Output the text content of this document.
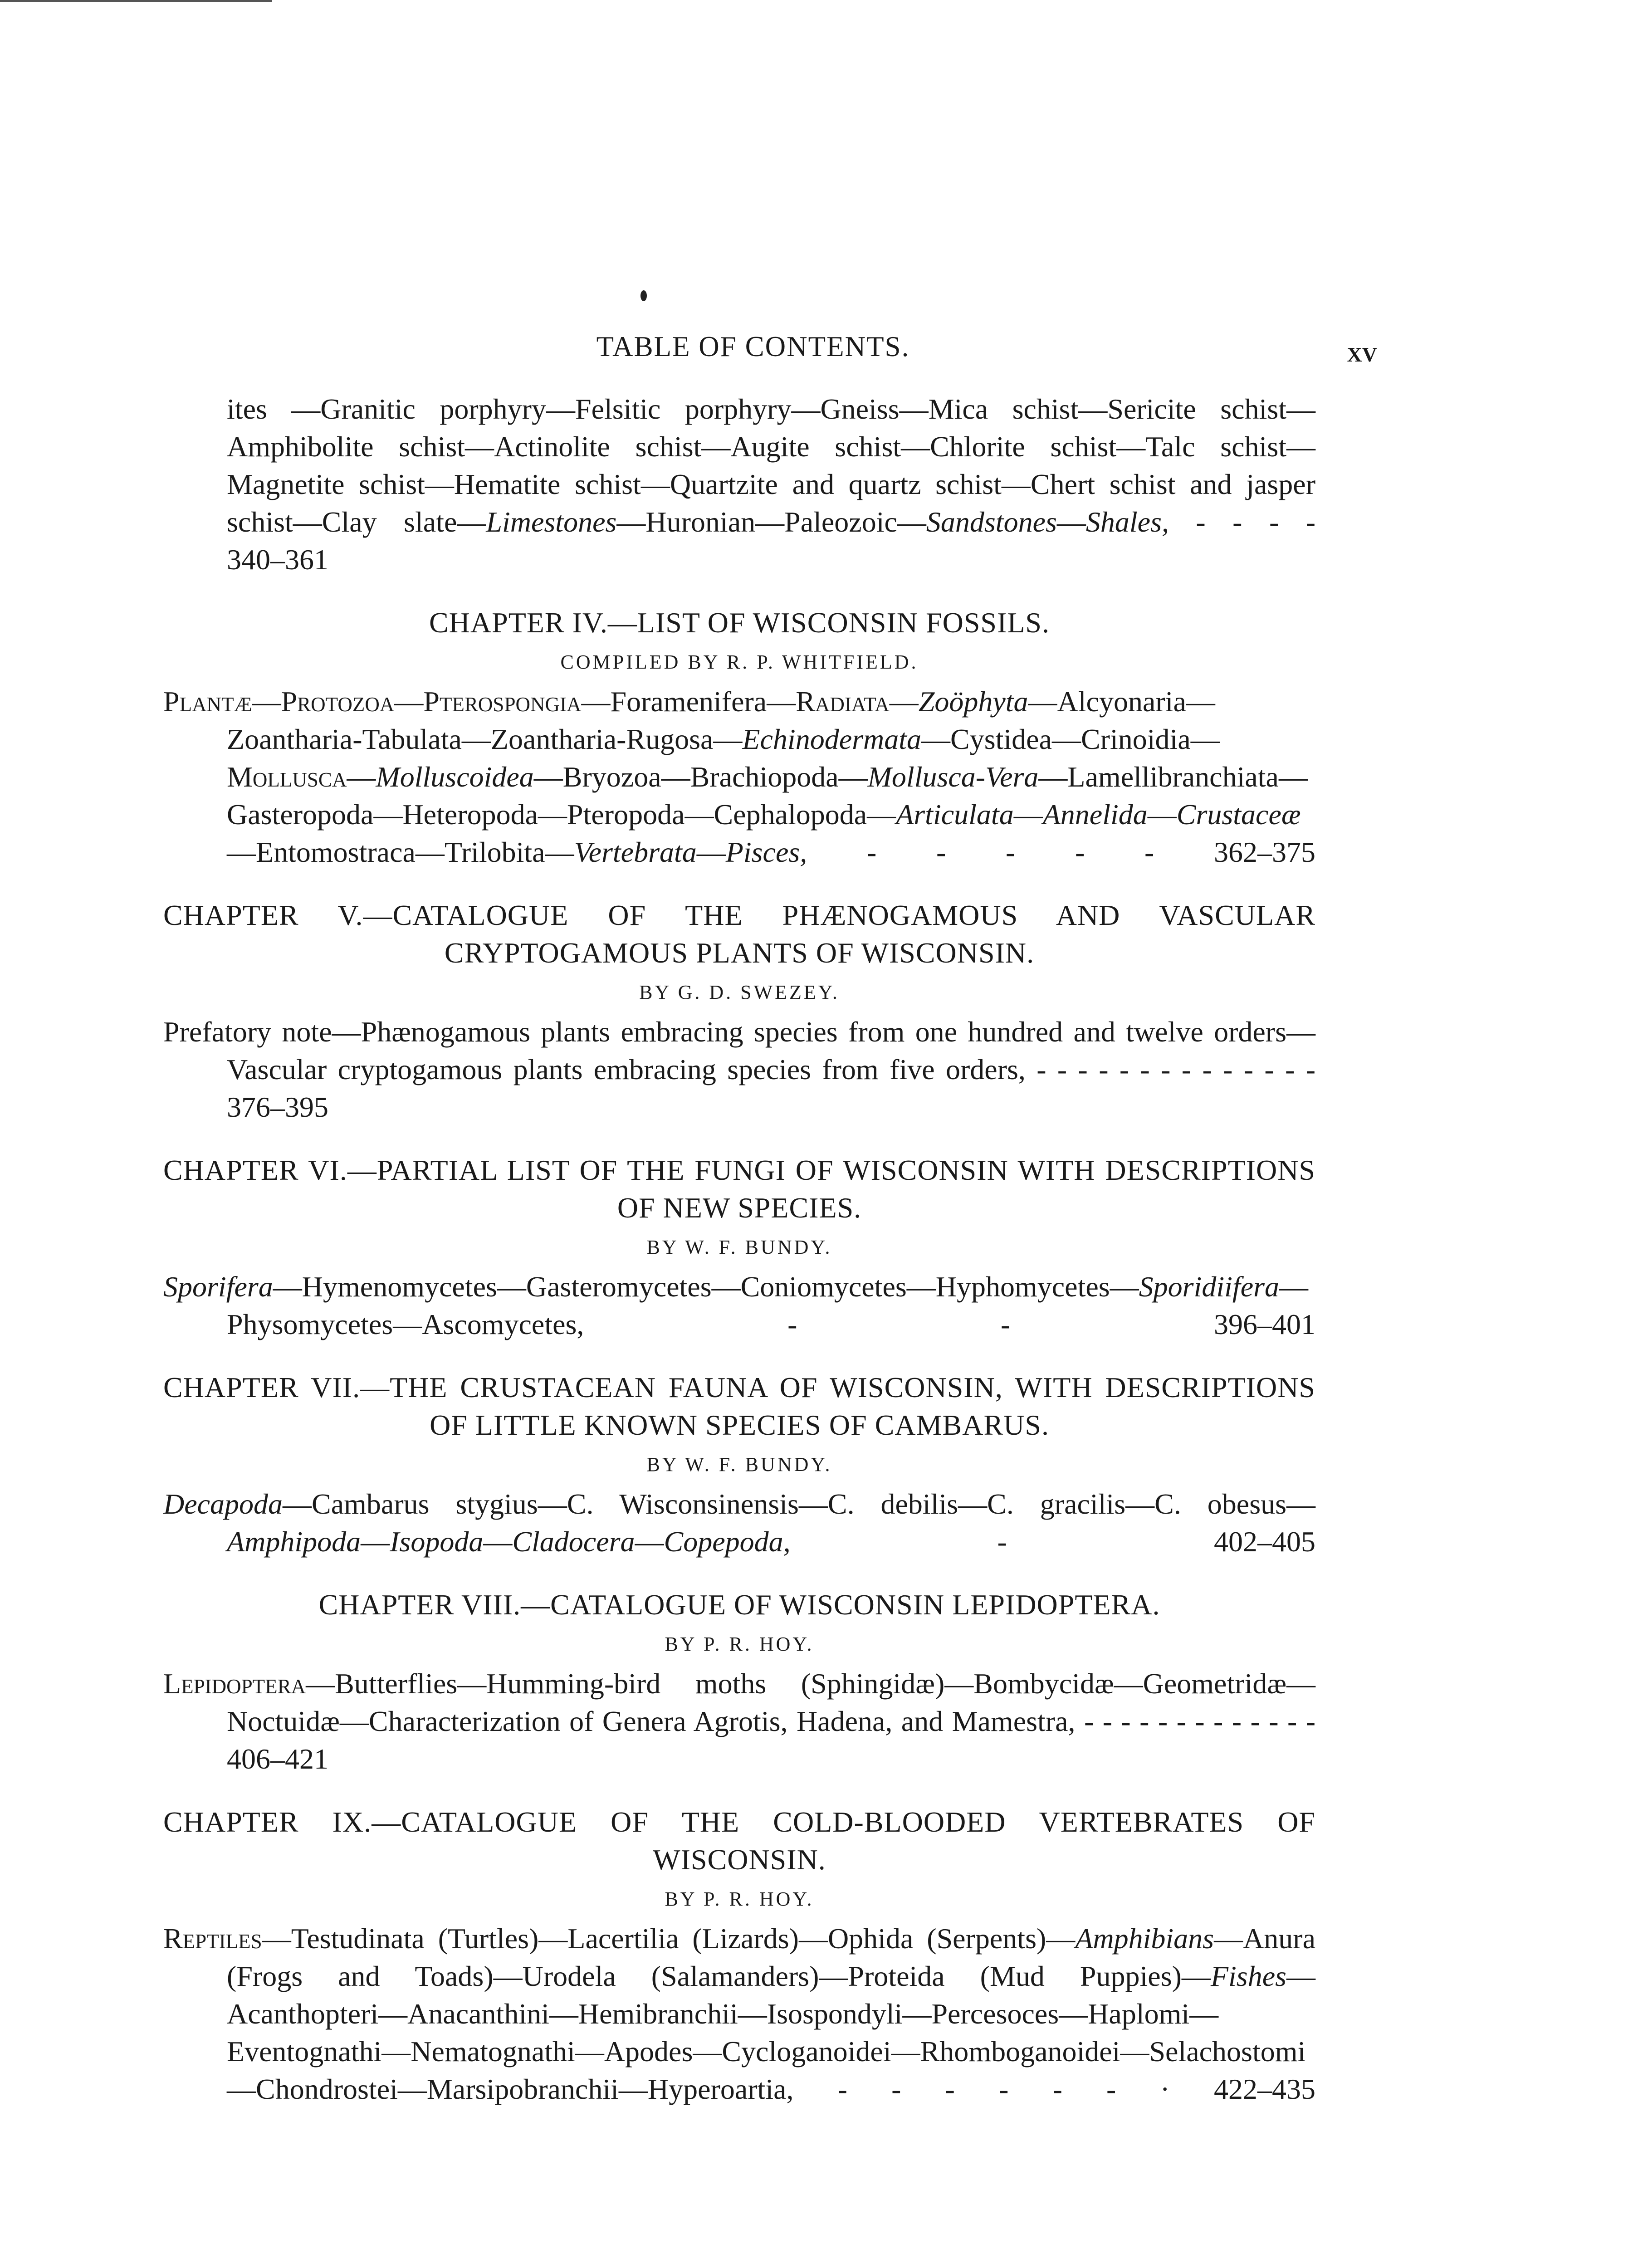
TABLE OF CONTENTS.	xv

ites —Granitic porphyry—Felsitic porphyry—Gneiss—Mica schist—Sericite schist—Amphibolite schist—Actinolite schist—Augite schist—Chlorite schist—Talc schist—Magnetite schist—Hematite schist—Quartzite and quartz schist—Chert schist and jasper schist—Clay slate—Limestones—Huronian—Paleozoic—Sandstones—Shales, - - - - 340–361

CHAPTER IV.—LIST OF WISCONSIN FOSSILS.

COMPILED BY R. P. WHITFIELD.

Plantæ—Protozoa—Pterospongia—Foramenifera—Radiata—Zoöphyta—Alcyonaria—Zoantharia-Tabulata—Zoantharia-Rugosa—Echinodermata—Cystidea—Crinoidia—Mollusca—Molluscoidea—Bryozoa—Brachiopoda—Mollusca-Vera—Lamellibranchiata—Gasteropoda—Heteropoda—Pteropoda—Cephalopoda—Articulata—Annelida—Crustaceæ—Entomostraca—Trilobita—Vertebrata—Pisces, - - - - - 362–375

CHAPTER V.—CATALOGUE OF THE PHÆNOGAMOUS AND VASCULAR CRYPTOGAMOUS PLANTS OF WISCONSIN.

BY G. D. SWEZEY.

Prefatory note—Phænogamous plants embracing species from one hundred and twelve orders—Vascular cryptogamous plants embracing species from five orders, - - - - - - - - - - - - - - 376–395

CHAPTER VI.—PARTIAL LIST OF THE FUNGI OF WISCONSIN WITH DESCRIPTIONS OF NEW SPECIES.

BY W. F. BUNDY.

Sporifera—Hymenomycetes—Gasteromycetes—Coniomycetes—Hyphomycetes—Sporidiifera—Physomycetes—Ascomycetes, - - 396–401

CHAPTER VII.—THE CRUSTACEAN FAUNA OF WISCONSIN, WITH DESCRIPTIONS OF LITTLE KNOWN SPECIES OF CAMBARUS.

BY W. F. BUNDY.

Decapoda—Cambarus stygius—C. Wisconsinensis—C. debilis—C. gracilis—C. obesus—Amphipoda—Isopoda—Cladocera—Copepoda, - 402–405

CHAPTER VIII.—CATALOGUE OF WISCONSIN LEPIDOPTERA.

BY P. R. HOY.

Lepidoptera—Butterflies—Humming-bird moths (Sphingidæ)—Bombycidæ—Geometridæ—Noctuidæ—Characterization of Genera Agrotis, Hadena, and Mamestra, - - - - - - - - - - - - - 406–421

CHAPTER IX.—CATALOGUE OF THE COLD-BLOODED VERTEBRATES OF WISCONSIN.

BY P. R. HOY.

Reptiles—Testudinata (Turtles)—Lacertilia (Lizards)—Ophida (Serpents)—Amphibians—Anura (Frogs and Toads)—Urodela (Salamanders)—Proteida (Mud Puppies)—Fishes—Acanthopteri—Anacanthini—Hemibranchii—Isospondyli—Percesoces—Haplomi—Eventognathi—Nematognathi—Apodes—Cycloganoidei—Rhomboganoidei—Selachostomi—Chondrostei—Marsipobranchii—Hyperoartia, - - - - - - · 422–435
